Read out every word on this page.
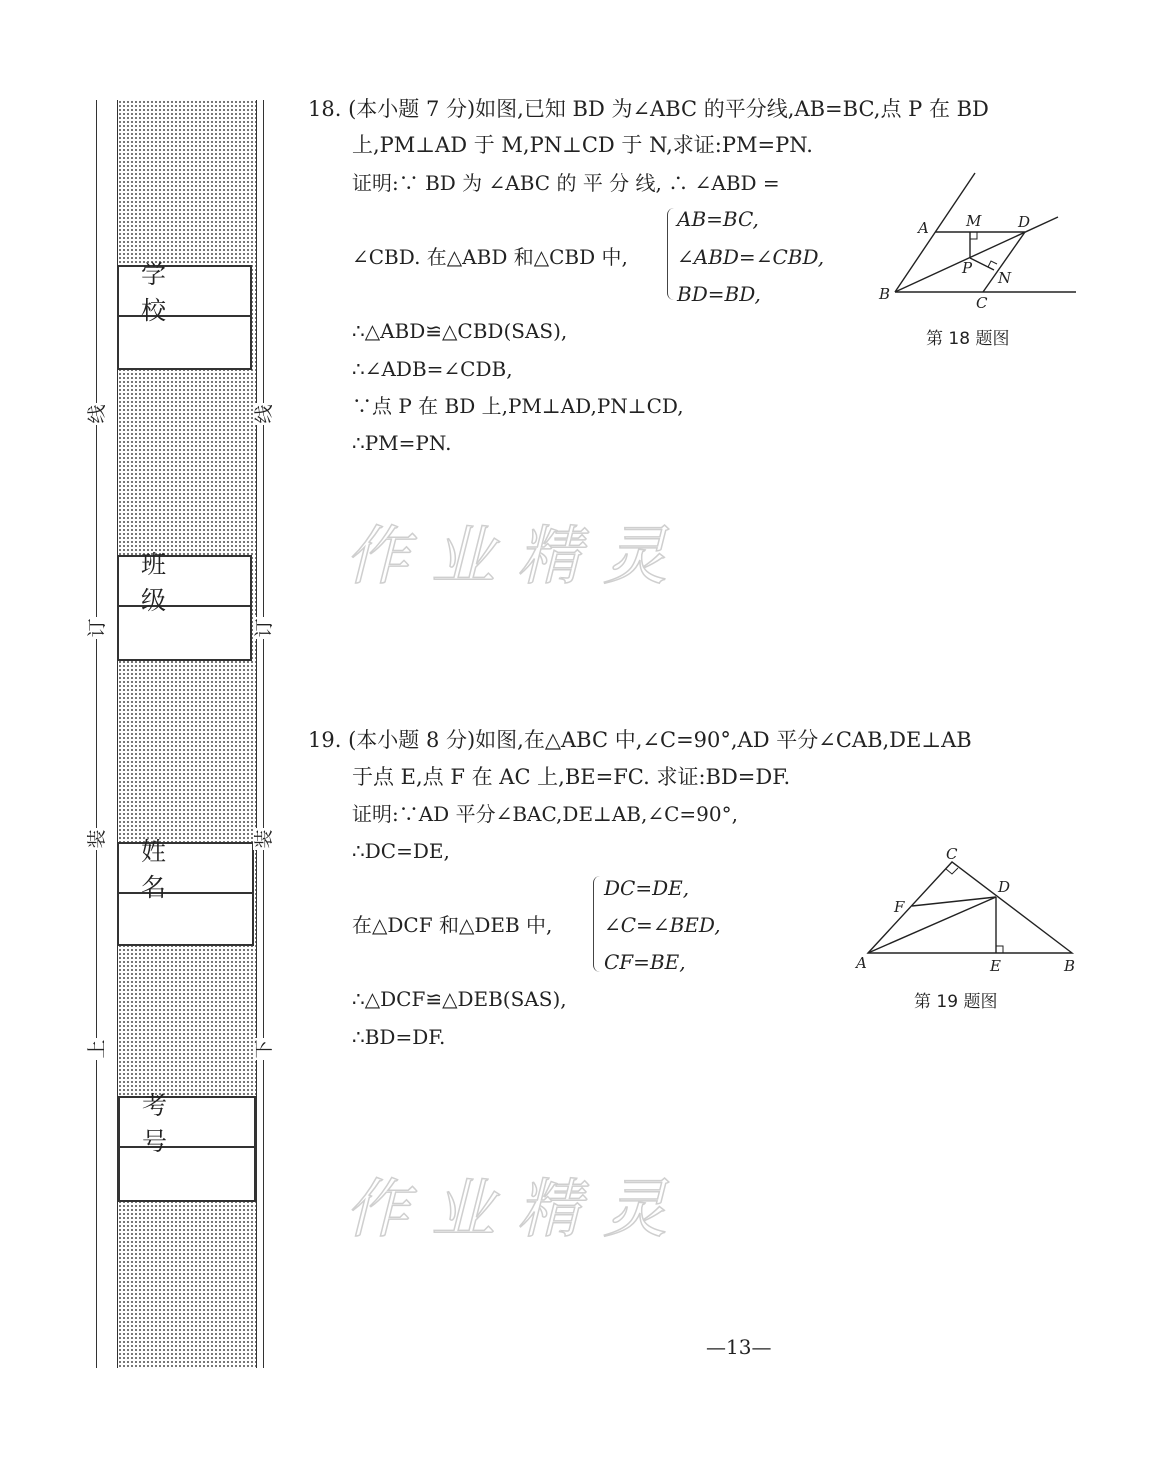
学 校
班 级
姓 名
考 号
线	线
订	订
装	装
上	下
18. (本小题 7 分)如图,已知 BD 为∠ABC 的平分线,AB=BC,点 P 在 BD
上,PM⊥AD 于 M,PN⊥CD 于 N,求证:PM=PN.
证明:∵ BD 为 ∠ABC 的 平 分 线, ∴ ∠ABD =
∠CBD. 在△ABD 和△CBD 中,
AB=BC,
∠ABD=∠CBD,
BD=BD,
∴△ABD≌△CBD(SAS),
∴∠ADB=∠CDB,
∵点 P 在 BD 上,PM⊥AD,PN⊥CD,
∴PM=PN.
A M D
P
N
B	C
第 18 题图
作业精灵
19. (本小题 8 分)如图,在△ABC 中,∠C=90°,AD 平分∠CAB,DE⊥AB
于点 E,点 F 在 AC 上,BE=FC. 求证:BD=DF.
证明:∵AD 平分∠BAC,DE⊥AB,∠C=90°,
∴DC=DE,
在△DCF 和△DEB 中,
DC=DE,
∠C=∠BED,
CF=BE,
∴△DCF≌△DEB(SAS),
∴BD=DF.
C
D
F
A	E	B
第 19 题图
作业精灵
—13—
